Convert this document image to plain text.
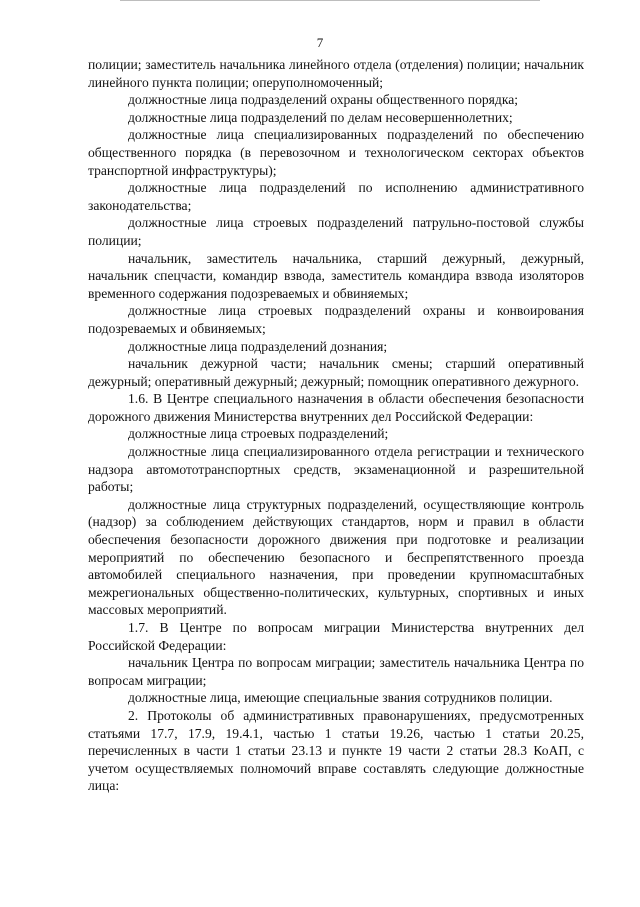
7

полиции; заместитель начальника линейного отдела (отделения) полиции; начальник линейного пункта полиции; оперуполномоченный;

должностные лица подразделений охраны общественного порядка;

должностные лица подразделений по делам несовершеннолетних;

должностные лица специализированных подразделений по обеспечению общественного порядка (в перевозочном и технологическом секторах объектов транспортной инфраструктуры);

должностные лица подразделений по исполнению административного законодательства;

должностные лица строевых подразделений патрульно-постовой службы полиции;

начальник, заместитель начальника, старший дежурный, дежурный, начальник спецчасти, командир взвода, заместитель командира взвода изоляторов временного содержания подозреваемых и обвиняемых;

должностные лица строевых подразделений охраны и конвоирования подозреваемых и обвиняемых;

должностные лица подразделений дознания;

начальник дежурной части; начальник смены; старший оперативный дежурный; оперативный дежурный; дежурный; помощник оперативного дежурного.

1.6. В Центре специального назначения в области обеспечения безопасности дорожного движения Министерства внутренних дел Российской Федерации:

должностные лица строевых подразделений;

должностные лица специализированного отдела регистрации и технического надзора автомототранспортных средств, экзаменационной и разрешительной работы;

должностные лица структурных подразделений, осуществляющие контроль (надзор) за соблюдением действующих стандартов, норм и правил в области обеспечения безопасности дорожного движения при подготовке и реализации мероприятий по обеспечению безопасного и беспрепятственного проезда автомобилей специального назначения, при проведении крупномасштабных межрегиональных общественно-политических, культурных, спортивных и иных массовых мероприятий.

1.7. В Центре по вопросам миграции Министерства внутренних дел Российской Федерации:

начальник Центра по вопросам миграции; заместитель начальника Центра по вопросам миграции;

должностные лица, имеющие специальные звания сотрудников полиции.

2. Протоколы об административных правонарушениях, предусмотренных статьями 17.7, 17.9, 19.4.1, частью 1 статьи 19.26, частью 1 статьи 20.25, перечисленных в части 1 статьи 23.13 и пункте 19 части 2 статьи 28.3 КоАП, с учетом осуществляемых полномочий вправе составлять следующие должностные лица:
